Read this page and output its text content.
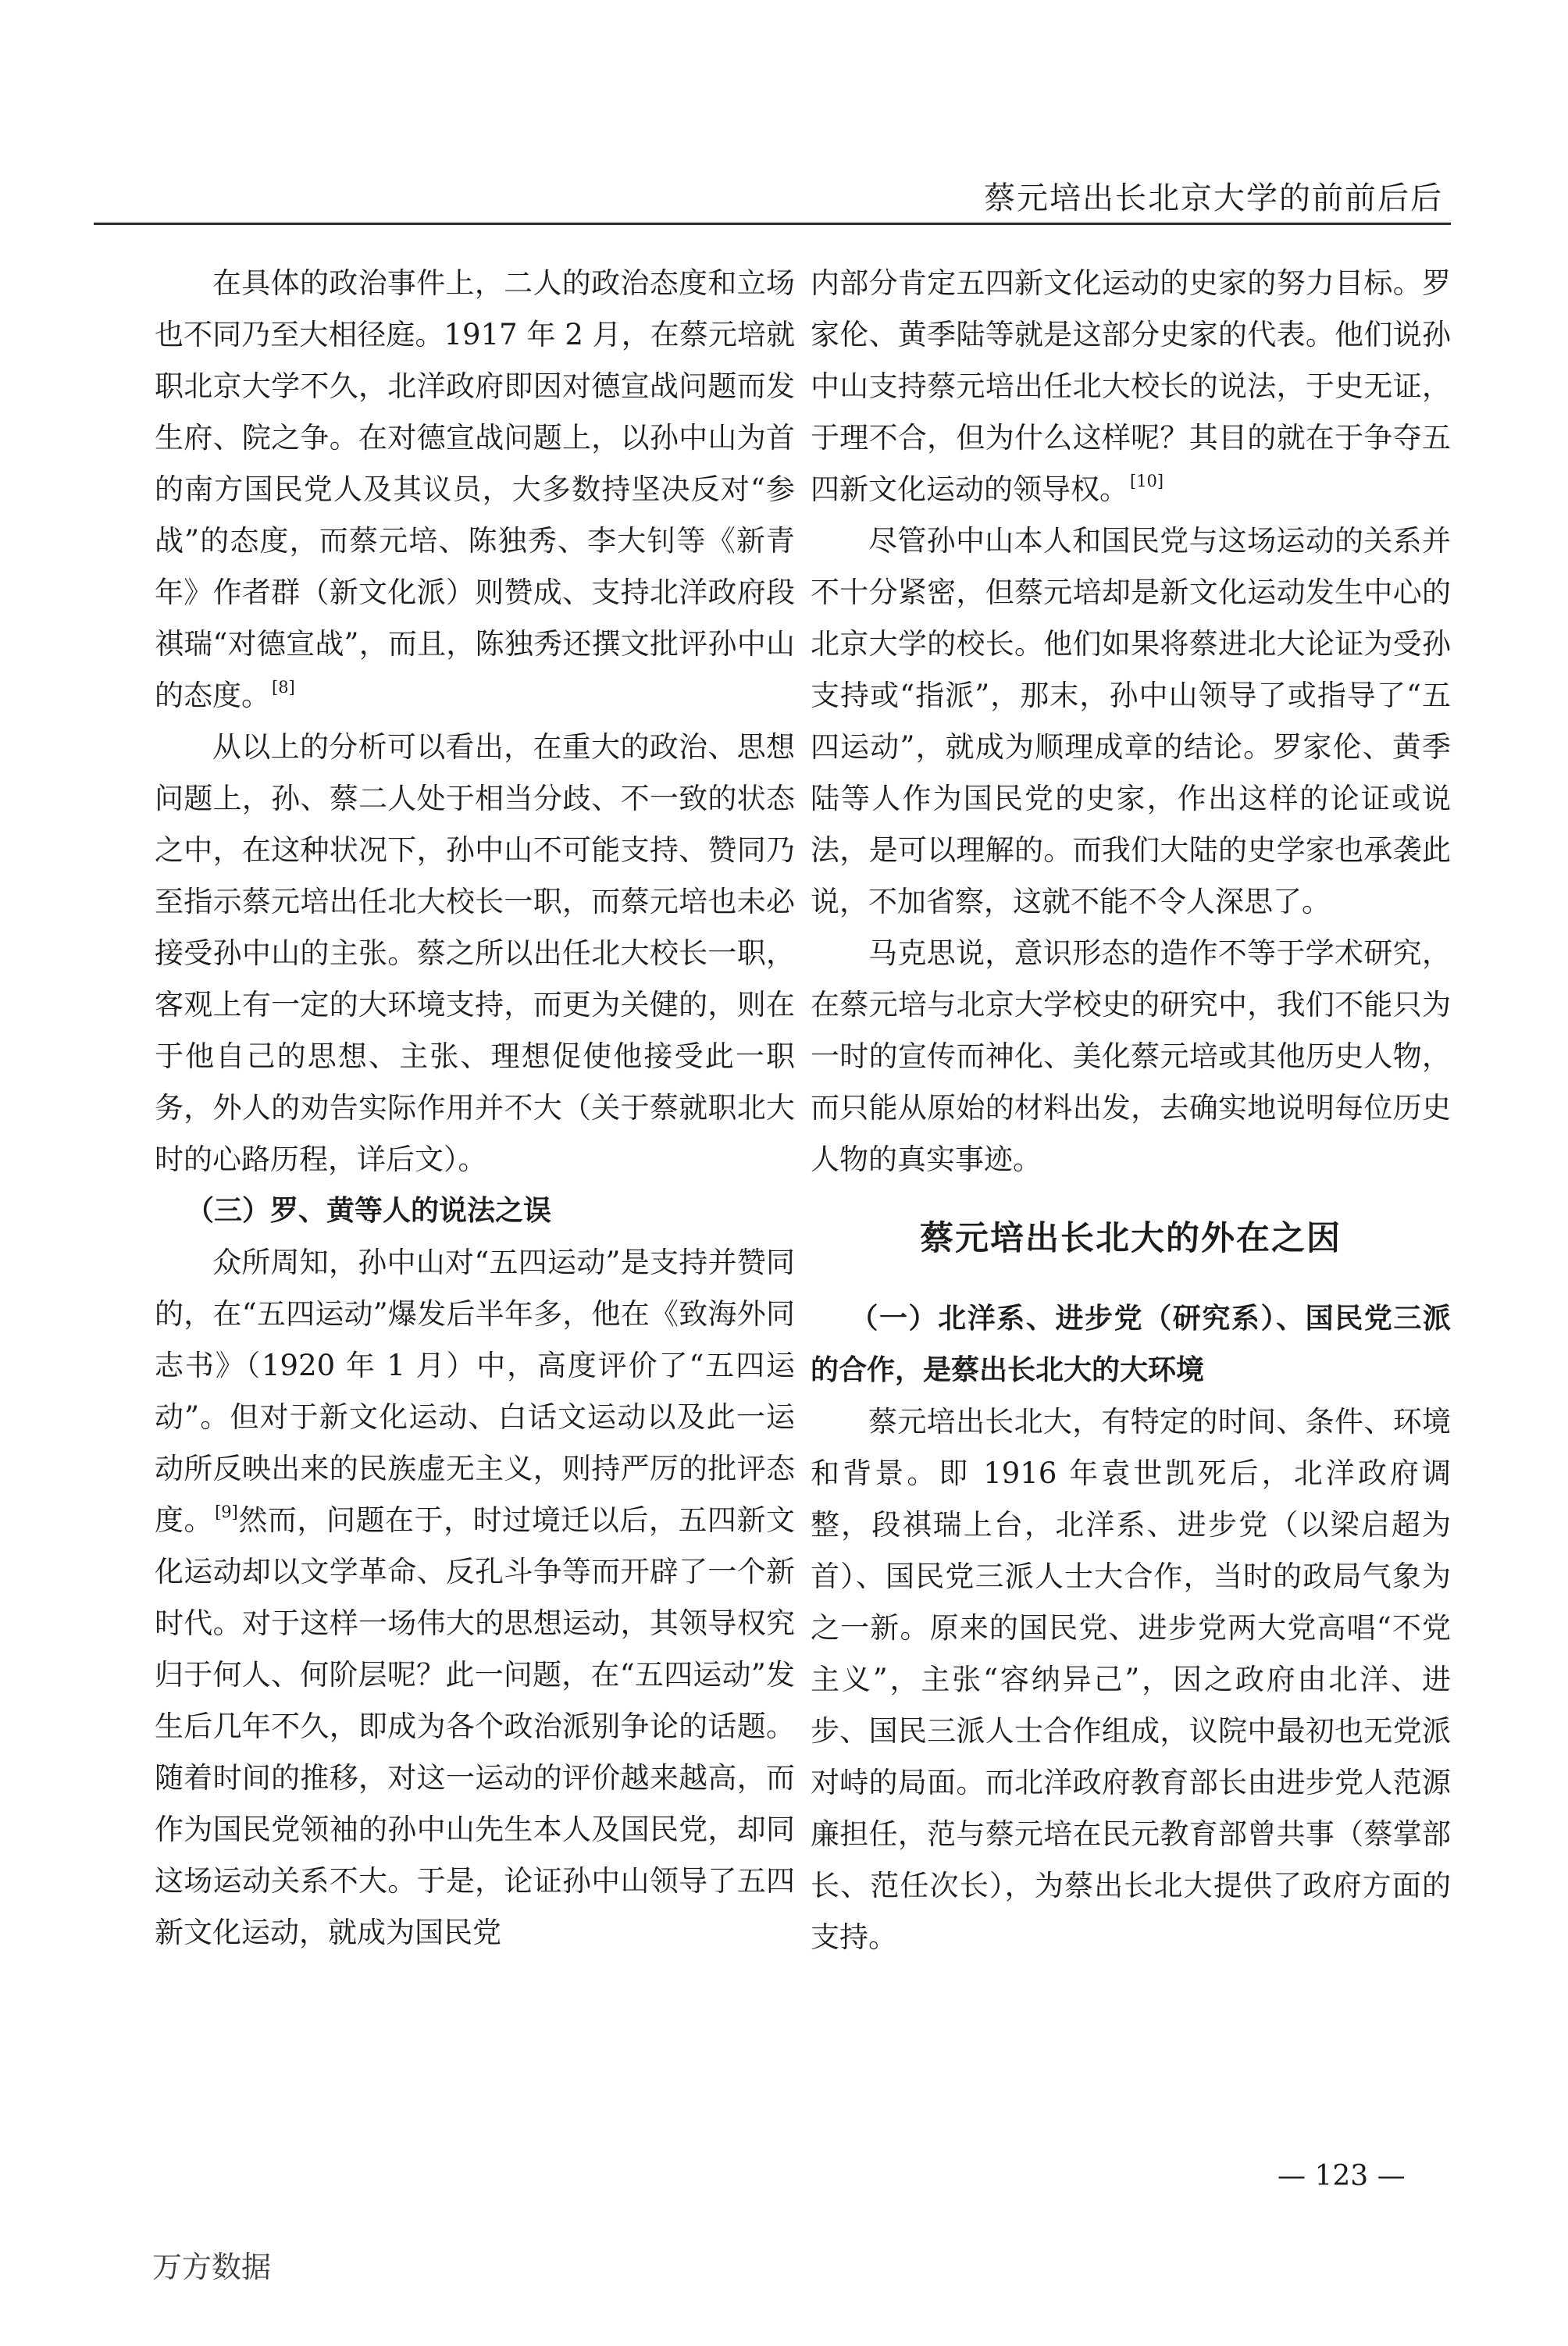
蔡元培出长北京大学的前前后后

在具体的政治事件上，二人的政治态度和立场也不同乃至大相径庭。1917 年 2 月，在蔡元培就职北京大学不久，北洋政府即因对德宣战问题而发生府、院之争。在对德宣战问题上，以孙中山为首的南方国民党人及其议员，大多数持坚决反对“参战”的态度，而蔡元培、陈独秀、李大钊等《新青年》作者群（新文化派）则赞成、支持北洋政府段祺瑞“对德宣战”，而且，陈独秀还撰文批评孙中山的态度。[8]

从以上的分析可以看出，在重大的政治、思想问题上，孙、蔡二人处于相当分歧、不一致的状态之中，在这种状况下，孙中山不可能支持、赞同乃至指示蔡元培出任北大校长一职，而蔡元培也未必接受孙中山的主张。蔡之所以出任北大校长一职，客观上有一定的大环境支持，而更为关健的，则在于他自己的思想、主张、理想促使他接受此一职务，外人的劝告实际作用并不大（关于蔡就职北大时的心路历程，详后文）。

（三）罗、黄等人的说法之误

众所周知，孙中山对“五四运动”是支持并赞同的，在“五四运动”爆发后半年多，他在《致海外同志书》（1920 年 1 月）中，高度评价了“五四运动”。但对于新文化运动、白话文运动以及此一运动所反映出来的民族虚无主义，则持严厉的批评态度。[9]然而，问题在于，时过境迁以后，五四新文化运动却以文学革命、反孔斗争等而开辟了一个新时代。对于这样一场伟大的思想运动，其领导权究归于何人、何阶层呢？此一问题，在“五四运动”发生后几年不久，即成为各个政治派别争论的话题。随着时间的推移，对这一运动的评价越来越高，而作为国民党领袖的孙中山先生本人及国民党，却同这场运动关系不大。于是，论证孙中山领导了五四新文化运动，就成为国民党

内部分肯定五四新文化运动的史家的努力目标。罗家伦、黄季陆等就是这部分史家的代表。他们说孙中山支持蔡元培出任北大校长的说法，于史无证，于理不合，但为什么这样呢？其目的就在于争夺五四新文化运动的领导权。[10]

尽管孙中山本人和国民党与这场运动的关系并不十分紧密，但蔡元培却是新文化运动发生中心的北京大学的校长。他们如果将蔡进北大论证为受孙支持或“指派”，那末，孙中山领导了或指导了“五四运动”，就成为顺理成章的结论。罗家伦、黄季陆等人作为国民党的史家，作出这样的论证或说法，是可以理解的。而我们大陆的史学家也承袭此说，不加省察，这就不能不令人深思了。

马克思说，意识形态的造作不等于学术研究，在蔡元培与北京大学校史的研究中，我们不能只为一时的宣传而神化、美化蔡元培或其他历史人物，而只能从原始的材料出发，去确实地说明每位历史人物的真实事迹。

蔡元培出长北大的外在之因
（一）北洋系、进步党（研究系）、国民党三派的合作，是蔡出长北大的大环境

蔡元培出长北大，有特定的时间、条件、环境和背景。即 1916 年袁世凯死后，北洋政府调整，段祺瑞上台，北洋系、进步党（以梁启超为首）、国民党三派人士大合作，当时的政局气象为之一新。原来的国民党、进步党两大党高唱“不党主义”，主张“容纳异己”，因之政府由北洋、进步、国民三派人士合作组成，议院中最初也无党派对峙的局面。而北洋政府教育部长由进步党人范源廉担任，范与蔡元培在民元教育部曾共事（蔡掌部长、范任次长），为蔡出长北大提供了政府方面的支持。

— 123 —
万方数据
